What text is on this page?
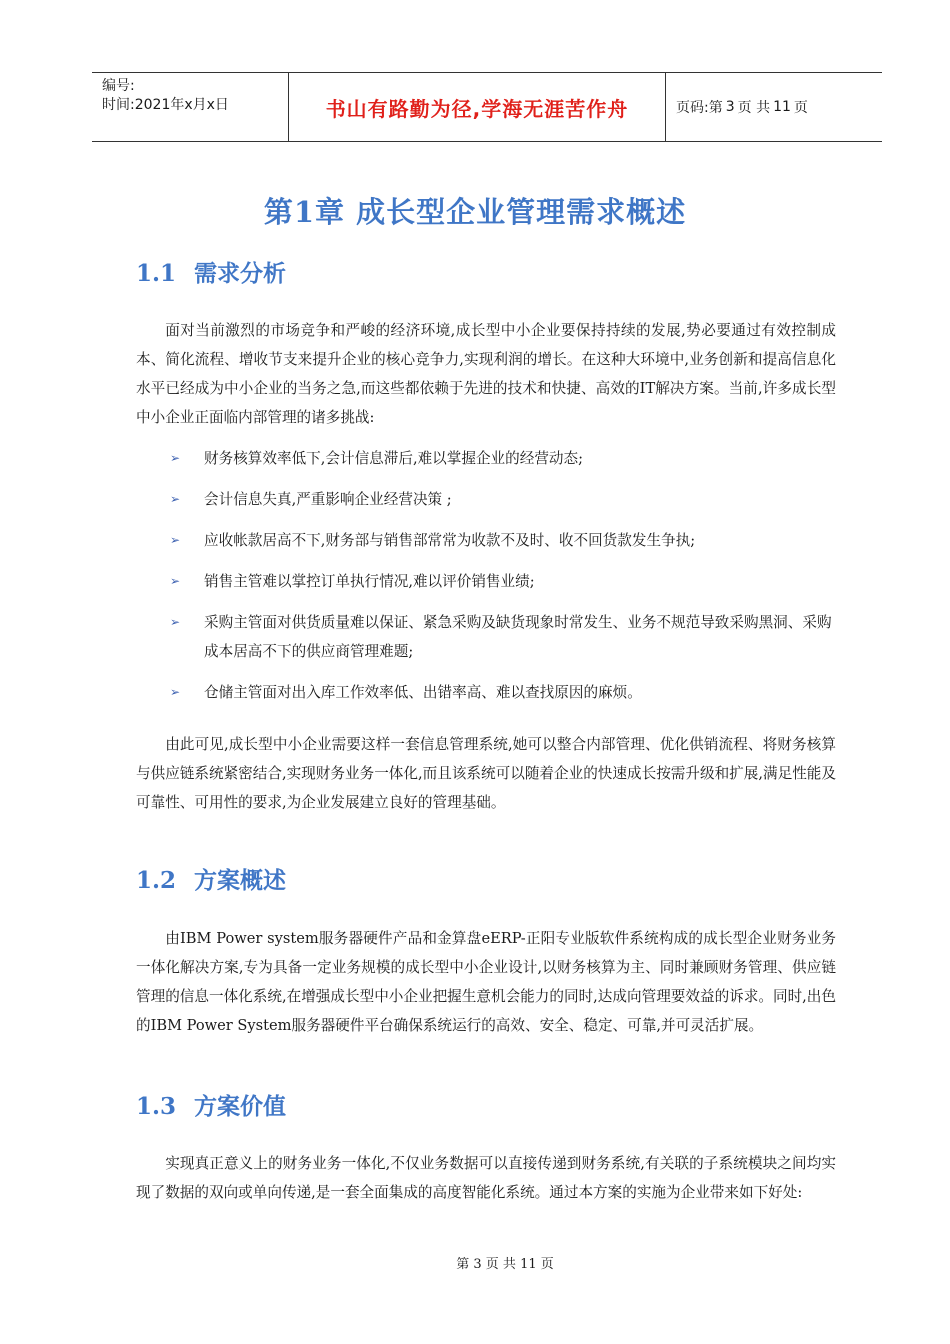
编号:
时间:2021年x月x日	书山有路勤为径,学海无涯苦作舟	页码:第 3 页 共 11 页
第1章 成长型企业管理需求概述
1.1 需求分析
面对当前激烈的市场竞争和严峻的经济环境,成长型中小企业要保持持续的发展,势必要通过有效控制成本、简化流程、增收节支来提升企业的核心竞争力,实现利润的增长。在这种大环境中,业务创新和提高信息化水平已经成为中小企业的当务之急,而这些都依赖于先进的技术和快捷、高效的IT解决方案。当前,许多成长型中小企业正面临内部管理的诸多挑战:
➢ 财务核算效率低下,会计信息滞后,难以掌握企业的经营动态;
➢ 会计信息失真,严重影响企业经营决策 ;
➢ 应收帐款居高不下,财务部与销售部常常为收款不及时、收不回货款发生争执;
➢ 销售主管难以掌控订单执行情况,难以评价销售业绩;
➢ 采购主管面对供货质量难以保证、紧急采购及缺货现象时常发生、业务不规范导致采购黑洞、采购成本居高不下的供应商管理难题;
➢ 仓储主管面对出入库工作效率低、出错率高、难以查找原因的麻烦。
由此可见,成长型中小企业需要这样一套信息管理系统,她可以整合内部管理、优化供销流程、将财务核算与供应链系统紧密结合,实现财务业务一体化,而且该系统可以随着企业的快速成长按需升级和扩展,满足性能及可靠性、可用性的要求,为企业发展建立良好的管理基础。
1.2 方案概述
由IBM Power system服务器硬件产品和金算盘eERP-正阳专业版软件系统构成的成长型企业财务业务一体化解决方案,专为具备一定业务规模的成长型中小企业设计,以财务核算为主、同时兼顾财务管理、供应链管理的信息一体化系统,在增强成长型中小企业把握生意机会能力的同时,达成向管理要效益的诉求。同时,出色的IBM Power System服务器硬件平台确保系统运行的高效、安全、稳定、可靠,并可灵活扩展。
1.3 方案价值
实现真正意义上的财务业务一体化,不仅业务数据可以直接传递到财务系统,有关联的子系统模块之间均实现了数据的双向或单向传递,是一套全面集成的高度智能化系统。通过本方案的实施为企业带来如下好处:
第 3 页 共 11 页
